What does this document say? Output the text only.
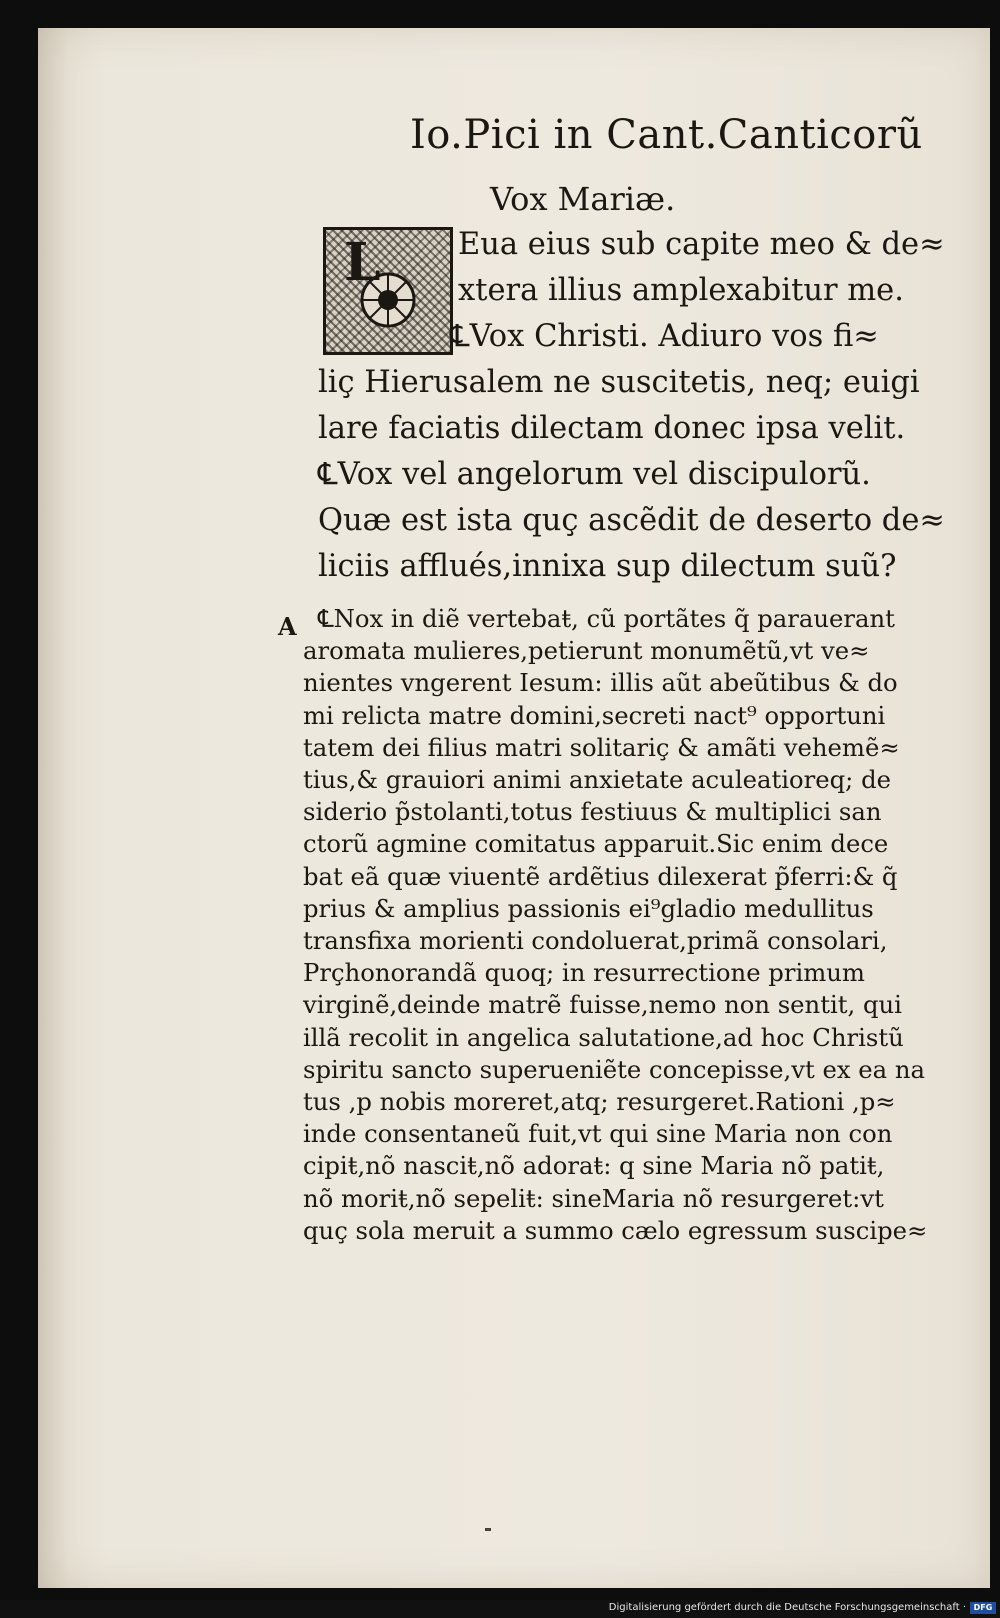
Io.Pici in Cant.Canticorũ
Vox Mariæ.
L	Eua eius sub capite meo & de≈
xtera illius amplexabitur me.
℄Vox Christi. Adiuro vos fi≈
liç Hierusalem ne suscitetis, neq; euigi
lare faciatis dilectam donec ipsa velit.
℄Vox vel angelorum vel discipulorũ.
Quæ est ista quç ascẽdit de deserto de≈
liciis afflués,innixa sup dilectum suũ?
A ℄Nox in diẽ vertebaŧ, cũ portãtes q̃ parauerant
aromata mulieres,petierunt monumẽtũ,vt ve≈
nientes vngerent Iesum: illis aũt abeũtibus & do
mi relicta matre domini,secreti nact⁹ opportuni
tatem dei filius matri solitariç & amãti vehemẽ≈
tius,& grauiori animi anxietate aculeatioreq; de
siderio p̃stolanti,totus festiuus & multiplici san
ctorũ agmine comitatus apparuit.Sic enim dece
bat eã quæ viuentẽ ardẽtius dilexerat p̃ferri:& q̃
prius & amplius passionis ei⁹gladio medullitus
transfixa morienti condoluerat,primã consolari,
Prçhonorandã quoq; in resurrectione primum
virginẽ,deinde matrẽ fuisse,nemo non sentit, qui
illã recolit in angelica salutatione,ad hoc Christũ
spiritu sancto superueniẽte concepisse,vt ex ea na
tus ,p nobis moreret,atq; resurgeret.Rationi ,p≈
inde consentaneũ fuit,vt qui sine Maria non con
cipiŧ,nõ nasciŧ,nõ adoraŧ: q sine Maria nõ patiŧ,
nõ moriŧ,nõ sepeliŧ: sineMaria nõ resurgeret:vt
quç sola meruit a summo cælo egressum suscipe≈
Digitalisierung gefördert durch die Deutsche Forschungsgemeinschaft · DFG
